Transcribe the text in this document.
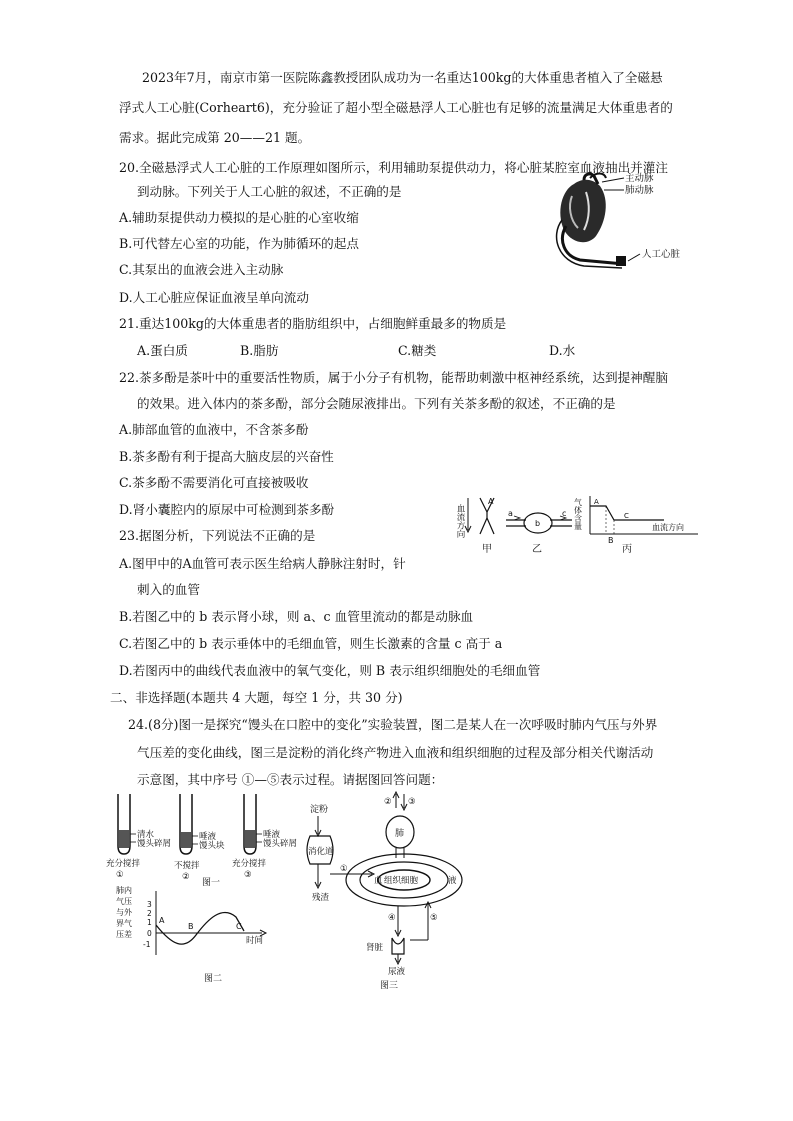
2023年7月，南京市第一医院陈鑫教授团队成功为一名重达100kg的大体重患者植入了全磁悬
浮式人工心脏(Corheart6)，充分验证了超小型全磁悬浮人工心脏也有足够的流量满足大体重患者的
需求。据此完成第 20——21 题。
20.全磁悬浮式人工心脏的工作原理如图所示，利用辅助泵提供动力，将心脏某腔室血液抽出并灌注
到动脉。下列关于人工心脏的叙述，不正确的是
A.辅助泵提供动力模拟的是心脏的心室收缩
B.可代替左心室的功能，作为肺循环的起点
C.其泵出的血液会进入主动脉
D.人工心脏应保证血液呈单向流动
主动脉
肺动脉
人工心脏
21.重达100kg的大体重患者的脂肪组织中，占细胞鲜重最多的物质是
A.蛋白质	B.脂肪	C.糖类	D.水
22.茶多酚是茶叶中的重要活性物质，属于小分子有机物，能帮助刺激中枢神经系统，达到提神醒脑
的效果。进入体内的茶多酚，部分会随尿液排出。下列有关茶多酚的叙述，不正确的是
A.肺部血管的血液中，不含茶多酚
B.茶多酚有利于提高大脑皮层的兴奋性
C.茶多酚不需要消化可直接被吸收
D.肾小囊腔内的原尿中可检测到茶多酚
23.据图分析，下列说法不正确的是
A.图甲中的A血管可表示医生给病人静脉注射时，针
刺入的血管
B.若图乙中的 b 表示肾小球，则 a、c 血管里流动的都是动脉血
C.若图乙中的 b 表示垂体中的毛细血管，则生长激素的含量 c 高于 a
D.若图丙中的曲线代表血液中的氧气变化，则 B 表示组织细胞处的毛细血管
血流方向
A
甲
a
b
c
乙
气体含量 A
B
C
血流方向
丙
二、非选择题(本题共 4 大题，每空 1 分，共 30 分)
24.(8分)图一是探究“馒头在口腔中的变化”实验装置，图二是某人在一次呼吸时肺内气压与外界
气压差的变化曲线，图三是淀粉的消化终产物进入血液和组织细胞的过程及部分相关代谢活动
示意图，其中序号 ①—⑤表示过程。请据图回答问题：
清水
馒头碎屑
充分搅拌
①
唾液
馒头块
不搅拌
②
唾液
馒头碎屑
充分搅拌
③
图一
肺内
气压
与外
界气
压差
3
2
1
0
-1
A
B	C
时间
图二
淀粉
消化道
残渣
①
② ③
肺
血 组织细胞	液
④	⑤
肾脏
尿液
图三
